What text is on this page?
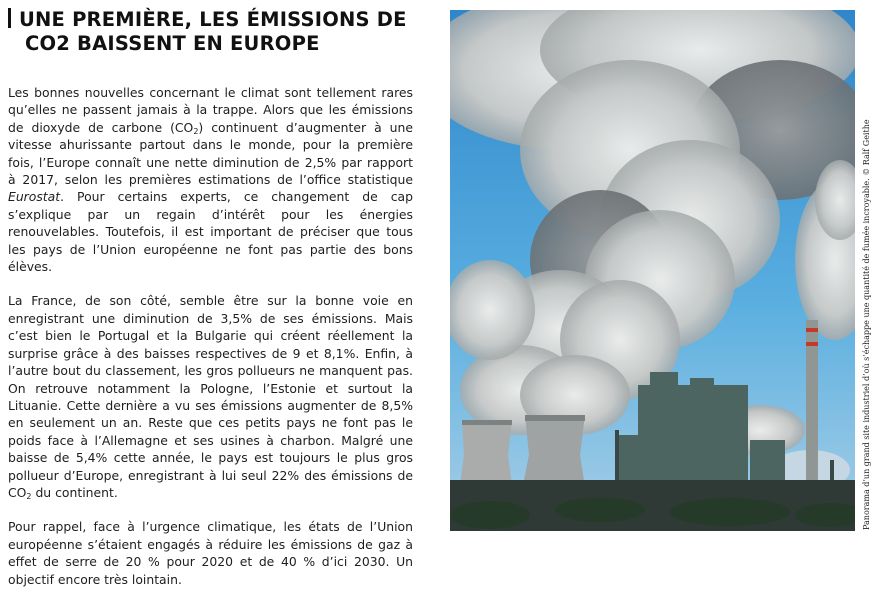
UNE PREMIÈRE, LES ÉMISSIONS DE
CO2 BAISSENT EN EUROPE

Les bonnes nouvelles concernant le climat sont tellement rares qu’elles ne passent jamais à la trappe. Alors que les émissions de dioxyde de carbone $(CO_2)$ continuent d’augmenter à une vitesse ahurissante partout dans le monde, pour la première fois, l’Europe connaît une nette diminution de 2,5% par rapport à 2017, selon les premières estimations de l’office statistique Eurostat. Pour certains experts, ce changement de cap s’explique par un regain d’intérêt pour les énergies renouvelables. Toutefois, il est important de préciser que tous les pays de l’Union européenne ne font pas partie des bons élèves.

La France, de son côté, semble être sur la bonne voie en enregistrant une diminution de 3,5% de ses émissions. Mais c’est bien le Portugal et la Bulgarie qui créent réellement la surprise grâce à des baisses respectives de 9 et 8,1%. Enfin, à l’autre bout du classement, les gros pollueurs ne manquent pas. On retrouve notamment la Pologne, l’Estonie et surtout la Lituanie. Cette dernière a vu ses émissions augmenter de 8,5% en seulement un an. Reste que ces petits pays ne font pas le poids face à l’Allemagne et ses usines à charbon. Malgré une baisse de 5,4% cette année, le pays est toujours le plus gros pollueur d’Europe, enregistrant à lui seul 22% des émissions de $CO_2$ du continent.

Pour rappel, face à l’urgence climatique, les états de l’Union européenne s’étaient engagés à réduire les émissions de gaz à effet de serre de 20 % pour 2020 et de 40 % d’ici 2030. Un objectif encore très lointain.

Panorama d’un grand site industriel d’où s’échappe une quantité de fumée incroyable. © Ralf Geithe
